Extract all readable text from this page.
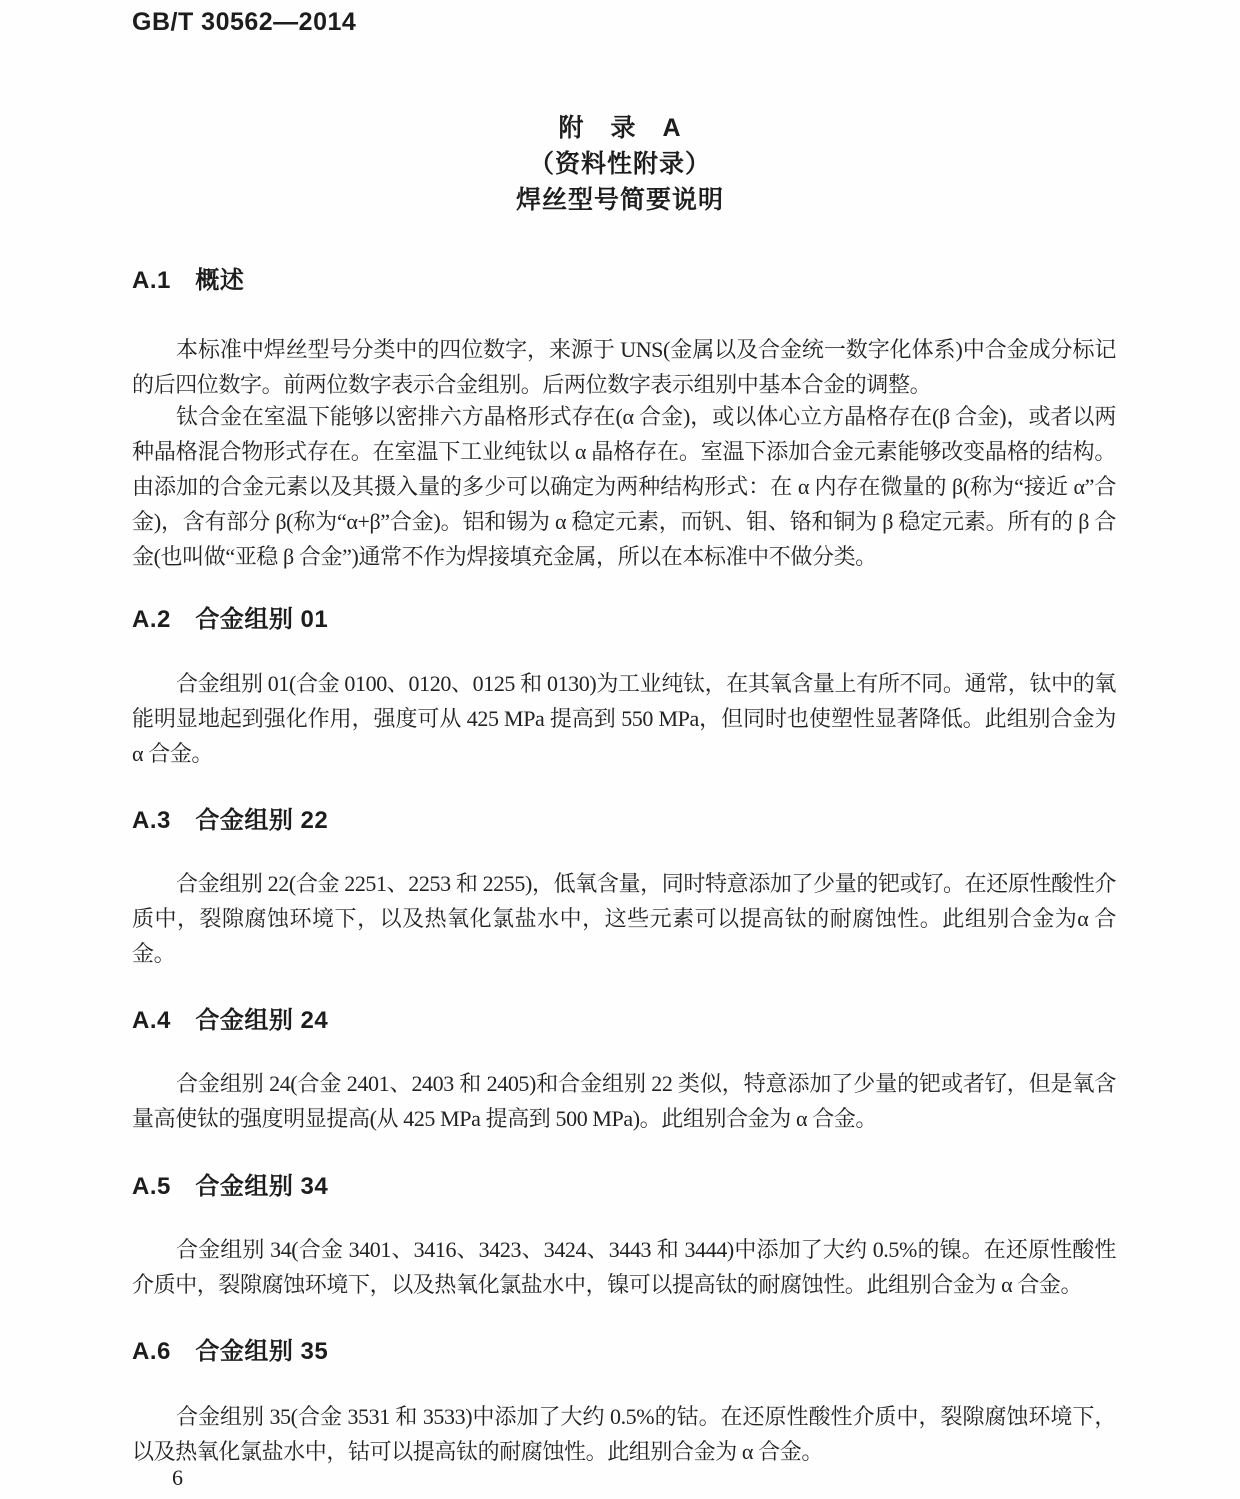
GB/T 30562—2014
附　录　A
（资料性附录）
焊丝型号简要说明
A.1　概述
本标准中焊丝型号分类中的四位数字，来源于 UNS(金属以及合金统一数字化体系)中合金成分标记的后四位数字。前两位数字表示合金组别。后两位数字表示组别中基本合金的调整。
钛合金在室温下能够以密排六方晶格形式存在(α 合金)，或以体心立方晶格存在(β 合金)，或者以两种晶格混合物形式存在。在室温下工业纯钛以 α 晶格存在。室温下添加合金元素能够改变晶格的结构。由添加的合金元素以及其摄入量的多少可以确定为两种结构形式：在 α 内存在微量的 β(称为“接近 α”合金)，含有部分 β(称为“α+β”合金)。铝和锡为 α 稳定元素，而钒、钼、铬和铜为 β 稳定元素。所有的 β 合金(也叫做“亚稳 β 合金”)通常不作为焊接填充金属，所以在本标准中不做分类。
A.2　合金组别 01
合金组别 01(合金 0100、0120、0125 和 0130)为工业纯钛，在其氧含量上有所不同。通常，钛中的氧能明显地起到强化作用，强度可从 425 MPa 提高到 550 MPa，但同时也使塑性显著降低。此组别合金为 α 合金。
A.3　合金组别 22
合金组别 22(合金 2251、2253 和 2255)，低氧含量，同时特意添加了少量的钯或钌。在还原性酸性介质中，裂隙腐蚀环境下，以及热氧化氯盐水中，这些元素可以提高钛的耐腐蚀性。此组别合金为α 合金。
A.4　合金组别 24
合金组别 24(合金 2401、2403 和 2405)和合金组别 22 类似，特意添加了少量的钯或者钌，但是氧含量高使钛的强度明显提高(从 425 MPa 提高到 500 MPa)。此组别合金为 α 合金。
A.5　合金组别 34
合金组别 34(合金 3401、3416、3423、3424、3443 和 3444)中添加了大约 0.5%的镍。在还原性酸性介质中，裂隙腐蚀环境下，以及热氧化氯盐水中，镍可以提高钛的耐腐蚀性。此组别合金为 α 合金。
A.6　合金组别 35
合金组别 35(合金 3531 和 3533)中添加了大约 0.5%的钴。在还原性酸性介质中，裂隙腐蚀环境下，以及热氧化氯盐水中，钴可以提高钛的耐腐蚀性。此组别合金为 α 合金。
6
